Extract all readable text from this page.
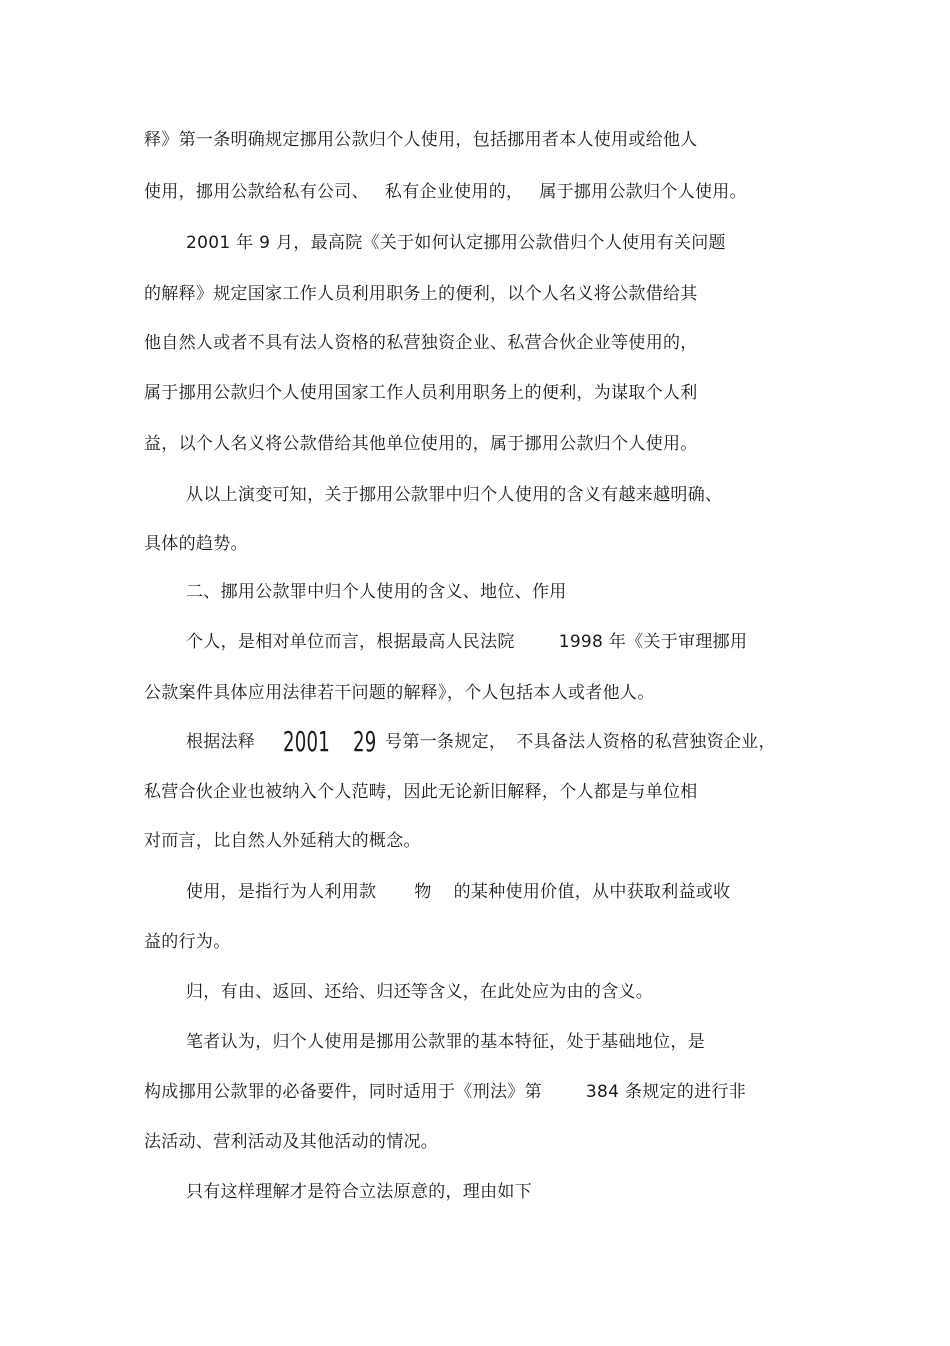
释》第一条明确规定挪用公款归个人使用，包括挪用者本人使用或给他人
使用，挪用公款给私有公司、 私有企业使用的， 属于挪用公款归个人使用。
2001 年 9 月，最高院《关于如何认定挪用公款借归个人使用有关问题
的解释》规定国家工作人员利用职务上的便利，以个人名义将公款借给其
他自然人或者不具有法人资格的私营独资企业、私营合伙企业等使用的，
属于挪用公款归个人使用国家工作人员利用职务上的便利，为谋取个人利
益，以个人名义将公款借给其他单位使用的，属于挪用公款归个人使用。
从以上演变可知，关于挪用公款罪中归个人使用的含义有越来越明确、
具体的趋势。
二、挪用公款罪中归个人使用的含义、地位、作用
个人，是相对单位而言，根据最高人民法院	1998 年《关于审理挪用
公款案件具体应用法律若干问题的解释》，个人包括本人或者他人。
根据法释 2001 29 号第一条规定， 不具备法人资格的私营独资企业，
私营合伙企业也被纳入个人范畴，因此无论新旧解释，个人都是与单位相
对而言，比自然人外延稍大的概念。
使用，是指行为人利用款 物 的某种使用价值，从中获取利益或收
益的行为。
归，有由、返回、还给、归还等含义，在此处应为由的含义。
笔者认为，归个人使用是挪用公款罪的基本特征，处于基础地位，是
构成挪用公款罪的必备要件，同时适用于《刑法》第	384 条规定的进行非
法活动、营利活动及其他活动的情况。
只有这样理解才是符合立法原意的，理由如下
